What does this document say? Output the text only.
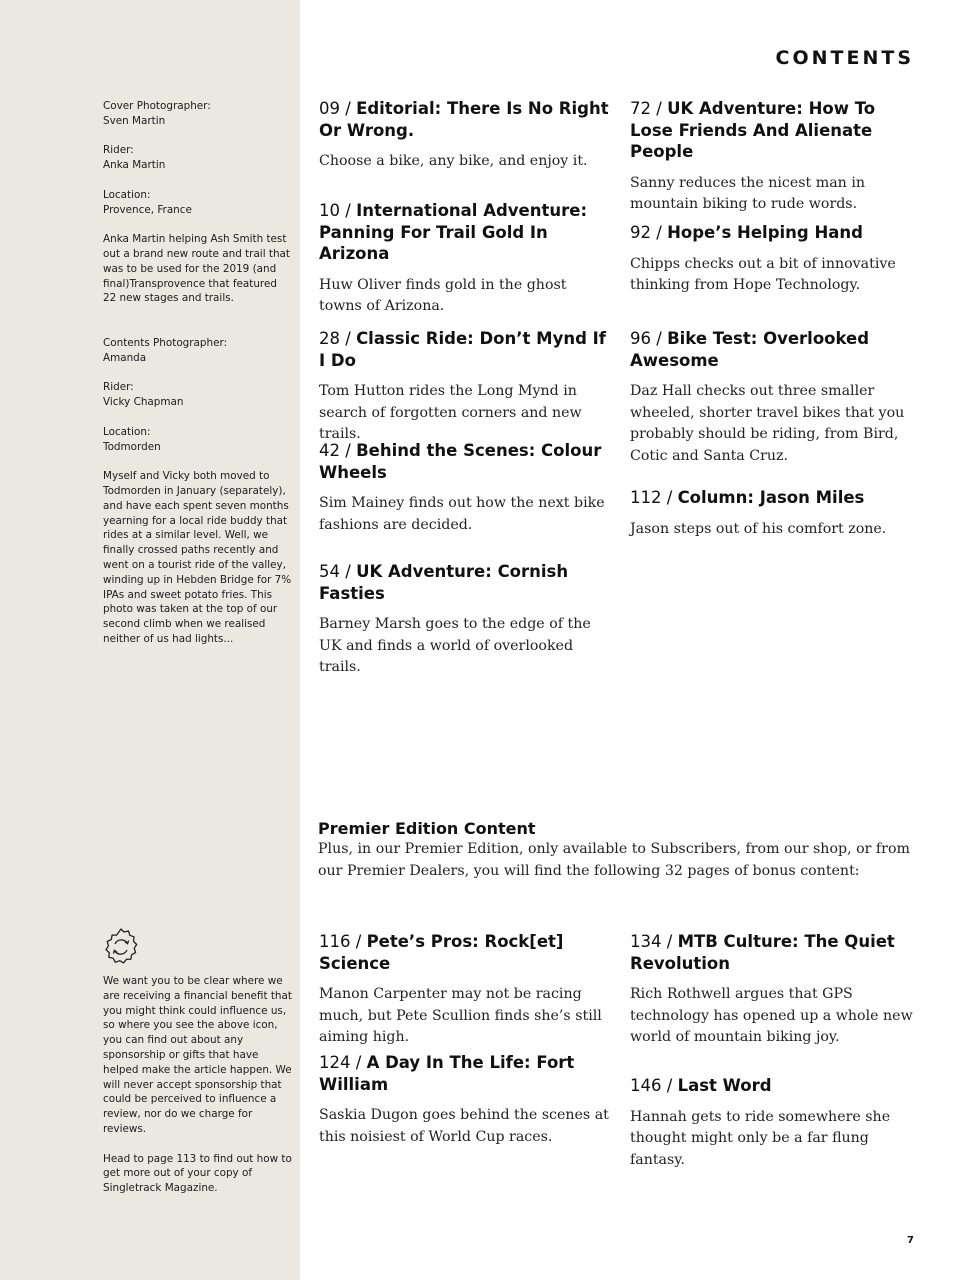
CONTENTS

Cover Photographer:
Sven Martin

Rider:
Anka Martin

Location:
Provence, France

Anka Martin helping Ash Smith test out a brand new route and trail that was to be used for the 2019 (and final)Transprovence that featured 22 new stages and trails.

Contents Photographer:
Amanda

Rider:
Vicky Chapman

Location:
Todmorden

Myself and Vicky both moved to Todmorden in January (separately), and have each spent seven months yearning for a local ride buddy that rides at a similar level. Well, we finally crossed paths recently and went on a tourist ride of the valley, winding up in Hebden Bridge for 7% IPAs and sweet potato fries. This photo was taken at the top of our second climb when we realised neither of us had lights...

We want you to be clear where we are receiving a financial benefit that you might think could influence us, so where you see the above icon, you can find out about any sponsorship or gifts that have helped make the article happen. We will never accept sponsorship that could be perceived to influence a review, nor do we charge for reviews.

Head to page 113 to find out how to get more out of your copy of Singletrack Magazine.

09 / Editorial: There Is No Right Or Wrong.

Choose a bike, any bike, and enjoy it.

10 / International Adventure: Panning For Trail Gold In Arizona

Huw Oliver finds gold in the ghost towns of Arizona.

28 / Classic Ride: Don’t Mynd If I Do

Tom Hutton rides the Long Mynd in search of forgotten corners and new trails.

42 / Behind the Scenes: Colour Wheels

Sim Mainey finds out how the next bike fashions are decided.

54 / UK Adventure: Cornish Fasties

Barney Marsh goes to the edge of the UK and finds a world of overlooked trails.

72 / UK Adventure: How To Lose Friends And Alienate People

Sanny reduces the nicest man in mountain biking to rude words.

92 / Hope’s Helping Hand

Chipps checks out a bit of innovative thinking from Hope Technology.

96 / Bike Test: Overlooked Awesome

Daz Hall checks out three smaller wheeled, shorter travel bikes that you probably should be riding, from Bird, Cotic and Santa Cruz.

112 / Column: Jason Miles

Jason steps out of his comfort zone.

Premier Edition Content

Plus, in our Premier Edition, only available to Subscribers, from our shop, or from our Premier Dealers, you will find the following 32 pages of bonus content:

116 / Pete’s Pros: Rock[et] Science

Manon Carpenter may not be racing much, but Pete Scullion finds she’s still aiming high.

124 / A Day In The Life: Fort William

Saskia Dugon goes behind the scenes at this noisiest of World Cup races.

134 / MTB Culture: The Quiet Revolution

Rich Rothwell argues that GPS technology has opened up a whole new world of mountain biking joy.

146 / Last Word

Hannah gets to ride somewhere she thought might only be a far flung fantasy.

7
